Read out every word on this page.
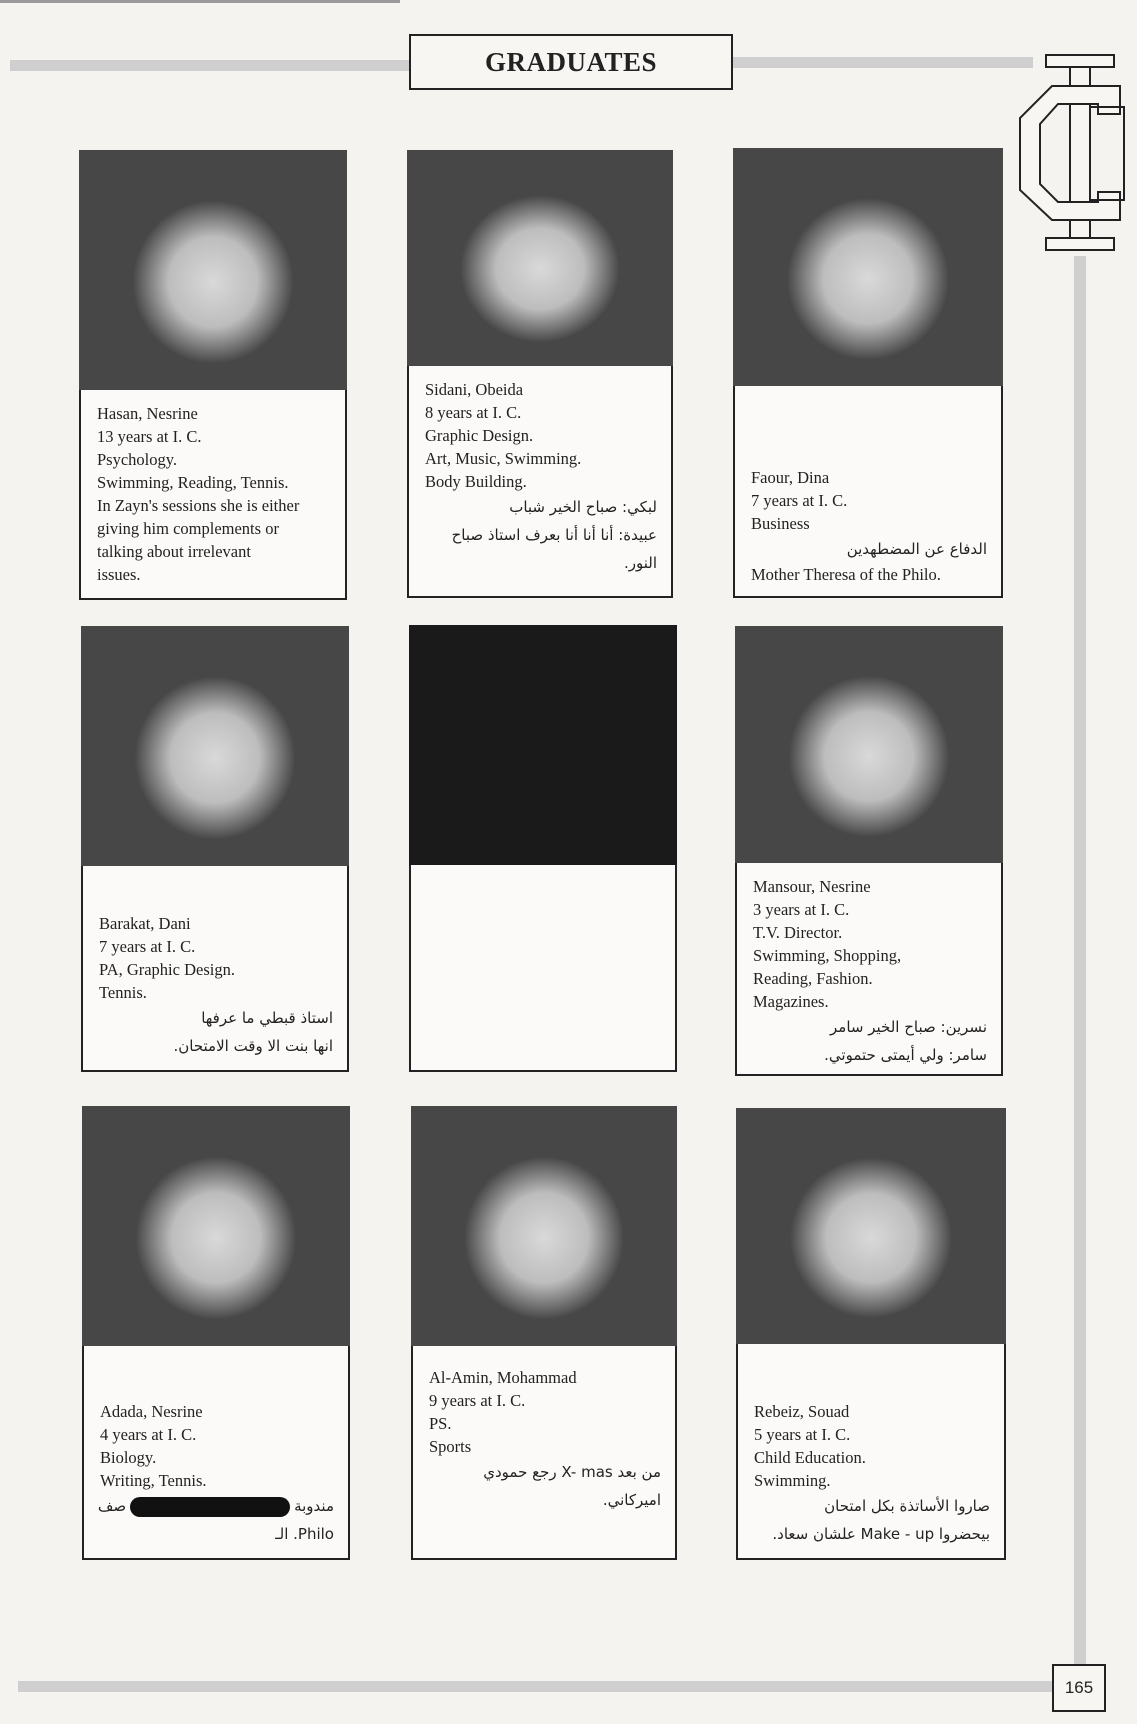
GRADUATES
Hasan, Nesrine
13 years at I. C.
Psychology.
Swimming, Reading, Tennis.
In Zayn's sessions she is either
giving him complements or
talking about irrelevant
issues.
Sidani, Obeida
8 years at I. C.
Graphic Design.
Art, Music, Swimming.
Body Building.
لبكي: صباح الخير شباب
عبيدة: أنا أنا أنا بعرف استاذ صباح
النور.
Faour, Dina
7 years at I. C.
Business
الدفاع عن المضطهدين
Mother Theresa of the Philo.
Barakat, Dani
7 years at I. C.
PA, Graphic Design.
Tennis.
استاذ قبطي ما عرفها
انها بنت الا وقت الامتحان.
Mansour, Nesrine
3 years at I. C.
T.V. Director.
Swimming, Shopping,
Reading, Fashion.
Magazines.
نسرين: صباح الخير سامر
سامر: ولي أيمتى حتموتي.
Adada, Nesrine
4 years at I. C.
Biology.
Writing, Tennis.
مندوبةصف
Philo. الـ
Al-Amin, Mohammad
9 years at I. C.
PS.
Sports
من بعد X- mas رجع حمودي
اميركاني.
Rebeiz, Souad
5 years at I. C.
Child Education.
Swimming.
صاروا الأساتذة بكل امتحان
بيحضروا Make - up علشان سعاد.
165
